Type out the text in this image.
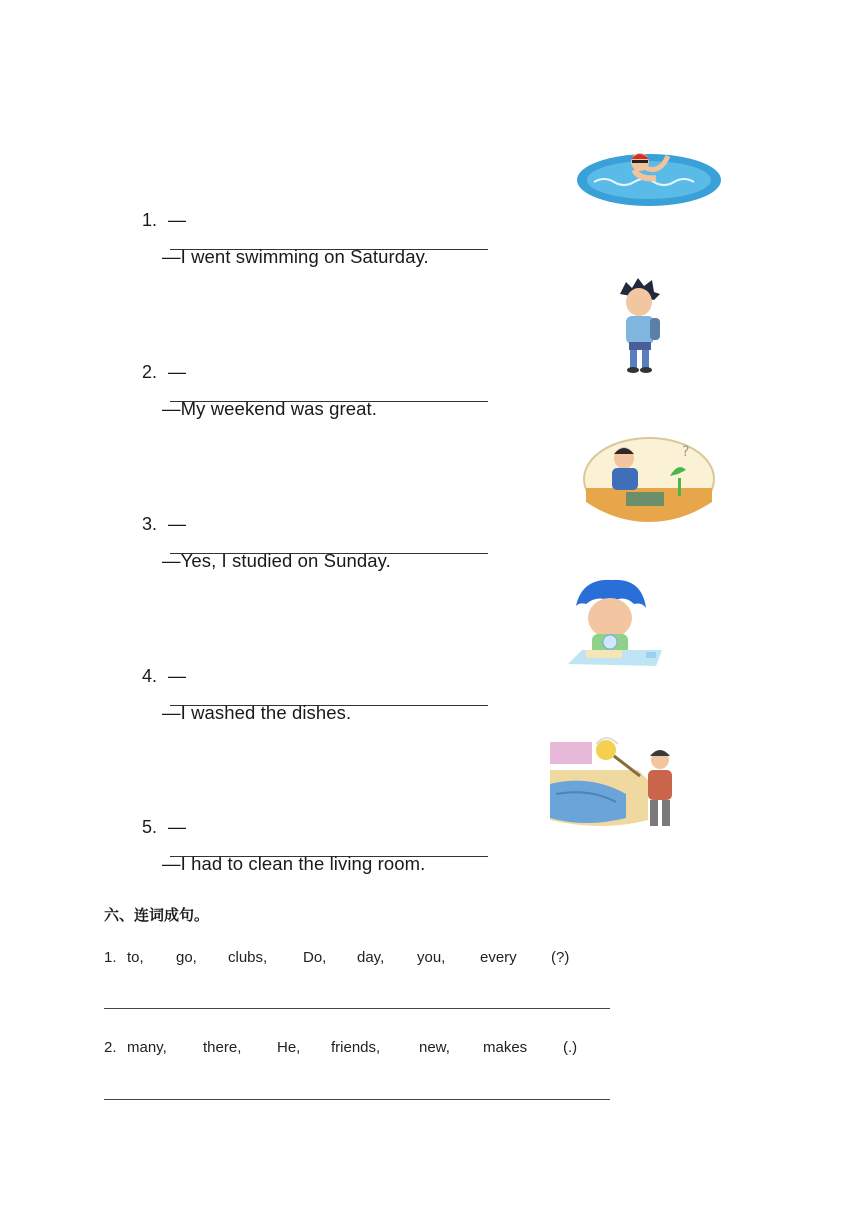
1. —
—I went swimming on Saturday.
2. —
—My weekend was great.
?
3. —
—Yes, I studied on Sunday.
4. —
—I washed the dishes.
5. —
—I had to clean the living room.
六、连词成句。
1. to, go, clubs, Do, day, you, every (?)
2. many, there, He, friends,	new, makes (.)
